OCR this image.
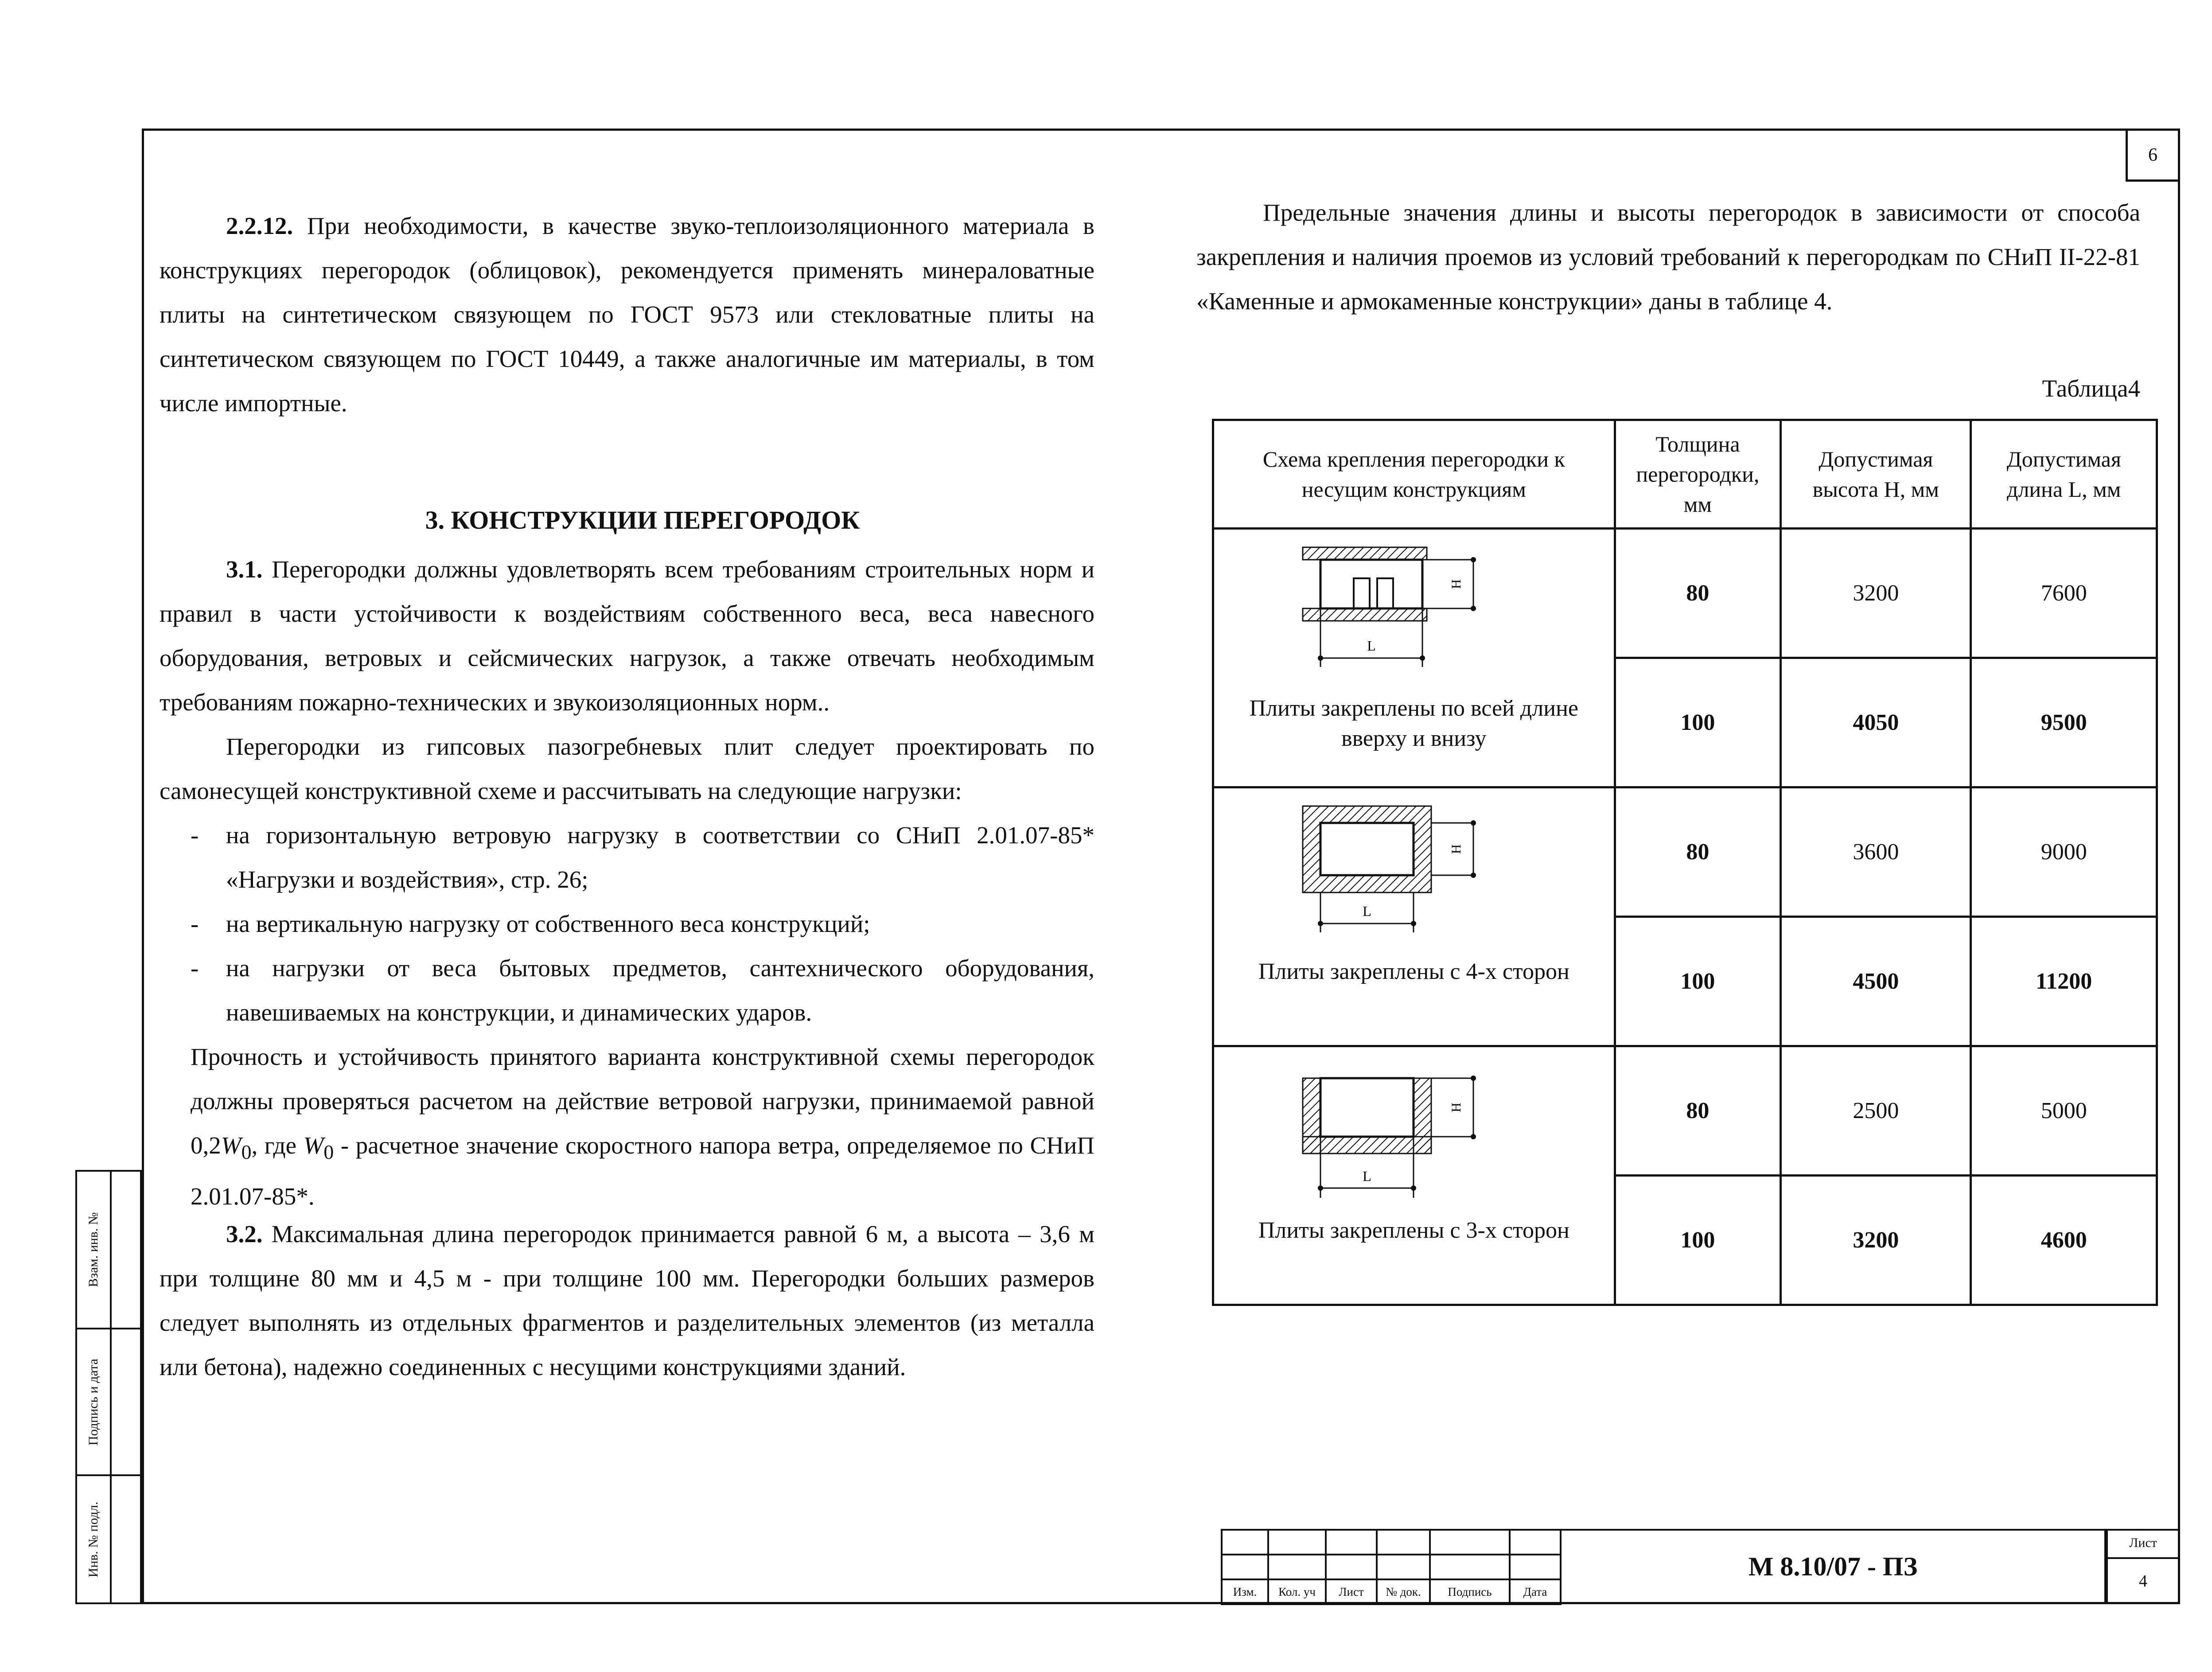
6
2.2.12. При необходимости, в качестве звуко-теплоизоляционного материала в конструкциях перегородок (облицовок), рекомендуется применять минераловатные плиты на синтетическом связующем по ГОСТ 9573 или стекловатные плиты на синтетическом связующем по ГОСТ 10449, а также аналогичные им материалы, в том числе импортные.
3. КОНСТРУКЦИИ ПЕРЕГОРОДОК
3.1. Перегородки должны удовлетворять всем требованиям строительных норм и правил в части устойчивости к воздействиям собственного веса, веса навесного оборудования, ветровых и сейсмических нагрузок, а также отвечать необходимым требованиям пожарно-технических и звукоизоляционных норм..
Перегородки из гипсовых пазогребневых плит следует проектировать по самонесущей конструктивной схеме и рассчитывать на следующие нагрузки:
- на горизонтальную ветровую нагрузку в соответствии со СНиП 2.01.07-85* «Нагрузки и воздействия», стр. 26;
- на вертикальную нагрузку от собственного веса конструкций;
- на нагрузки от веса бытовых предметов, сантехнического оборудования, навешиваемых на конструкции, и динамических ударов.
Прочность и устойчивость принятого варианта конструктивной схемы перегородок должны проверяться расчетом на действие ветровой нагрузки, принимаемой равной $0,2W_0$, где $W_0$ - расчетное значение скоростного напора ветра, определяемое по СНиП 2.01.07-85*.
3.2. Максимальная длина перегородок принимается равной 6 м, а высота – 3,6 м при толщине 80 мм и 4,5 м - при толщине 100 мм. Перегородки больших размеров следует выполнять из отдельных фрагментов и разделительных элементов (из металла или бетона), надежно соединенных с несущими конструкциями зданий.
Предельные значения длины и высоты перегородок в зависимости от способа закрепления и наличия проемов из условий требований к перегородкам по СНиП II-22-81 «Каменные и армокаменные конструкции» даны в таблице 4.
Таблица4
Схема крепления перегородки к несущим конструкциям	Толщина перегородки, мм	Допустимая высота Н, мм	Допустимая длина L, мм

H
L
Плиты закреплены по всей длине вверху и внизу	80	3200	7600
	100	4050	9500

H
L
Плиты закреплены с 4-х сторон	80	3600	9000
	100	4500	11200

H
L
Плиты закреплены с 3-х сторон	80	2500	5000
	100	3200	4600
Взам. инв. №
Подпись и дата
Инв. № подл.

Изм.	Кол. уч	Лист	№ док.	Подпись	Дата
М 8.10/07 - ПЗ
Лист
4
